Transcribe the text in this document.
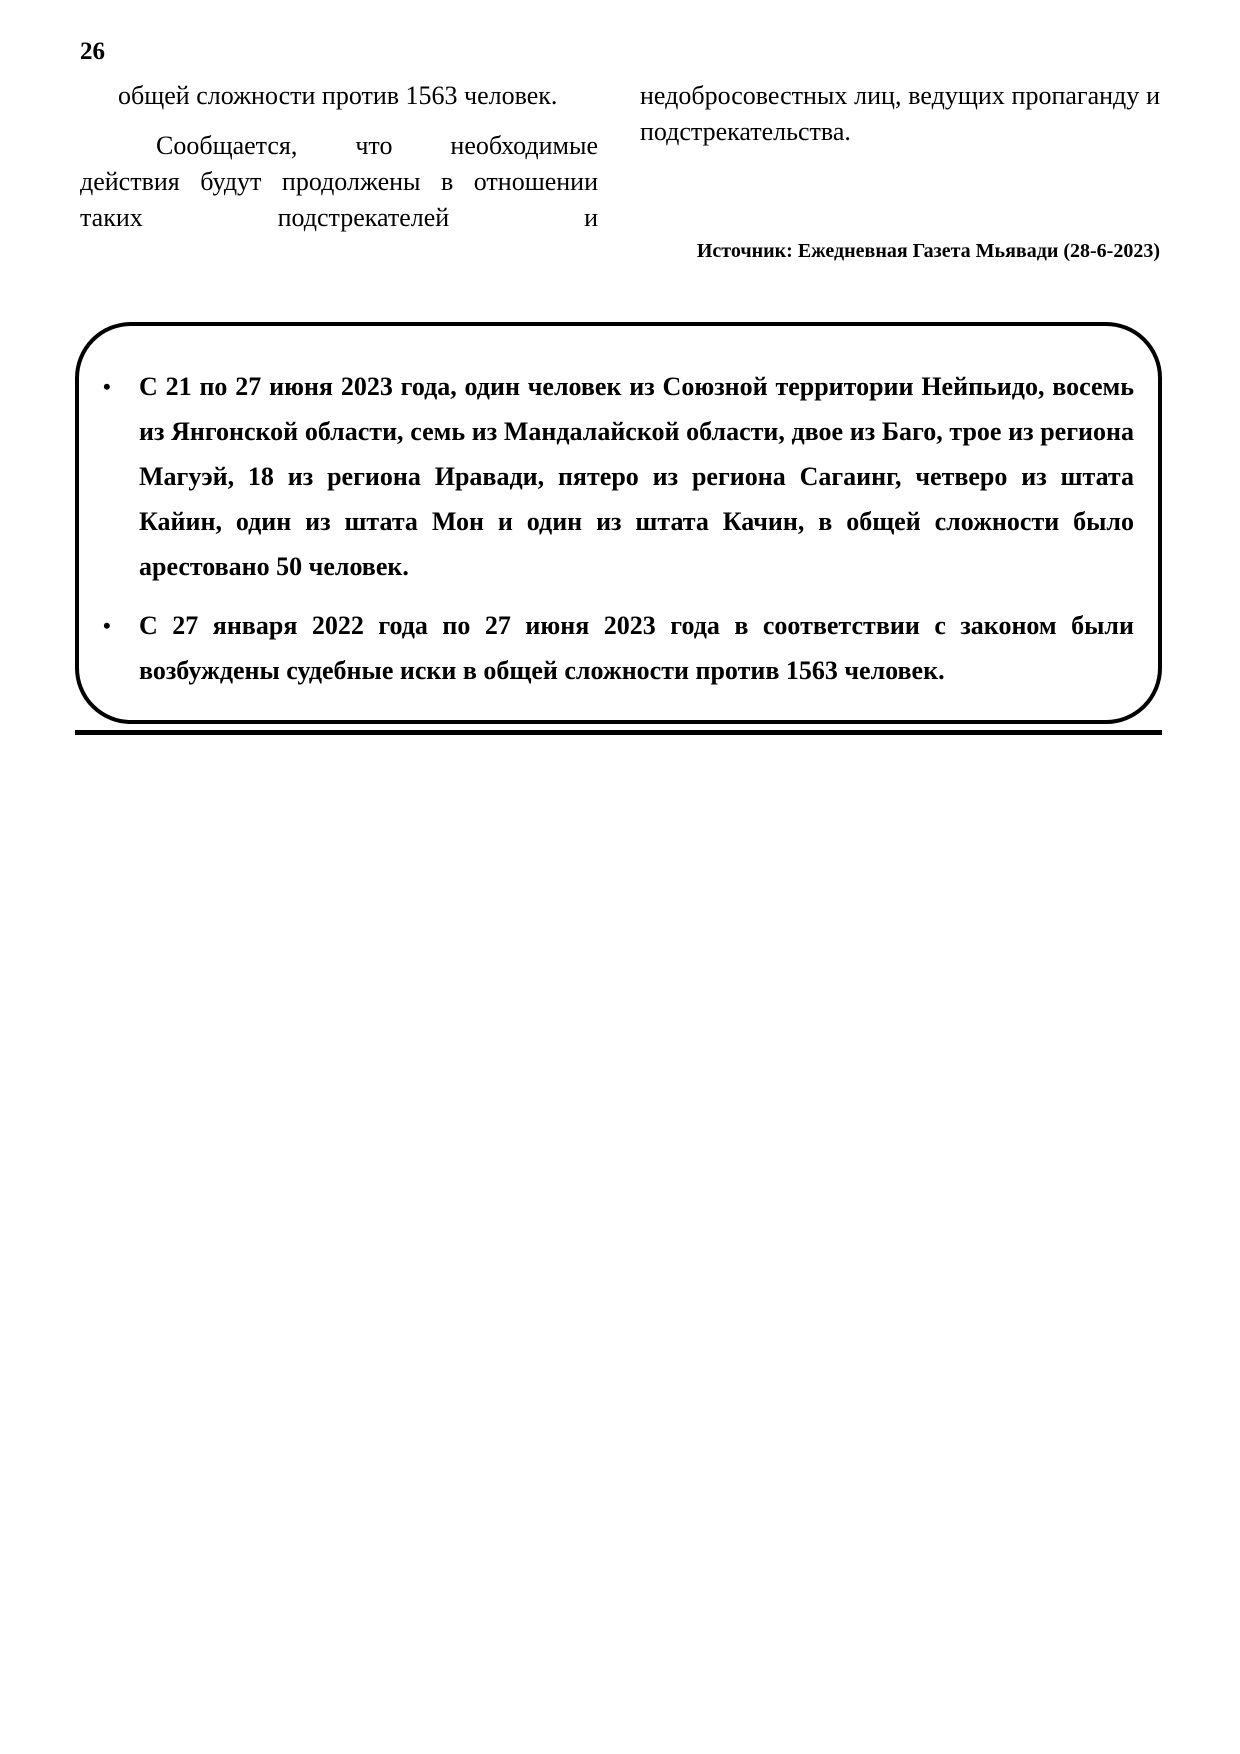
26

общей сложности против 1563 человек.

Сообщается, что необходимые действия будут продолжены в отношении таких подстрекателей и

недобросовестных лиц, ведущих пропаганду и подстрекательства.

Источник: Ежедневная Газета Мьявади (28-6-2023)
• С 21 по 27 июня 2023 года, один человек из Союзной территории Нейпьидо, восемь из Янгонской области, семь из Мандалайской области, двое из Баго, трое из региона Магуэй, 18 из региона Иравади, пятеро из региона Сагаинг, четверо из штата Кайин, один из штата Мон и один из штата Качин, в общей сложности было арестовано 50 человек.
• С 27 января 2022 года по 27 июня 2023 года в соответствии с законом были возбуждены судебные иски в общей сложности против 1563 человек.
